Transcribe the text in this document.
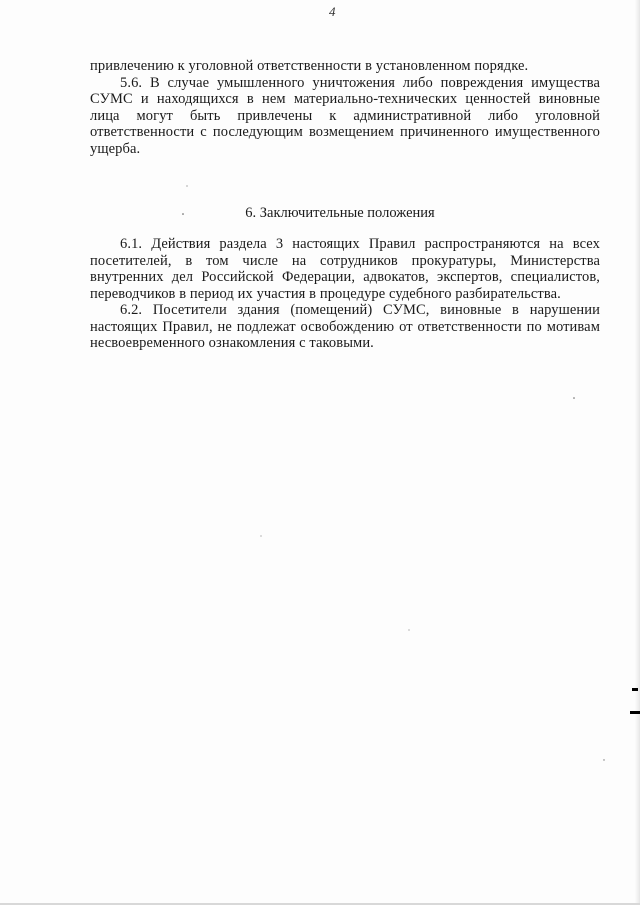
4

привлечению к уголовной ответственности в установленном порядке.

5.6. В случае умышленного уничтожения либо повреждения имущества СУМС и находящихся в нем материально-технических ценностей виновные лица могут быть привлечены к административной либо уголовной ответственности с последующим возмещением причиненного имущественного ущерба.

6. Заключительные положения

6.1. Действия раздела 3 настоящих Правил распространяются на всех посетителей, в том числе на сотрудников прокуратуры, Министерства внутренних дел Российской Федерации, адвокатов, экспертов, специалистов, переводчиков в период их участия в процедуре судебного разбирательства.

6.2. Посетители здания (помещений) СУМС, виновные в нарушении настоящих Правил, не подлежат освобождению от ответственности по мотивам несвоевременного ознакомления с таковыми.
